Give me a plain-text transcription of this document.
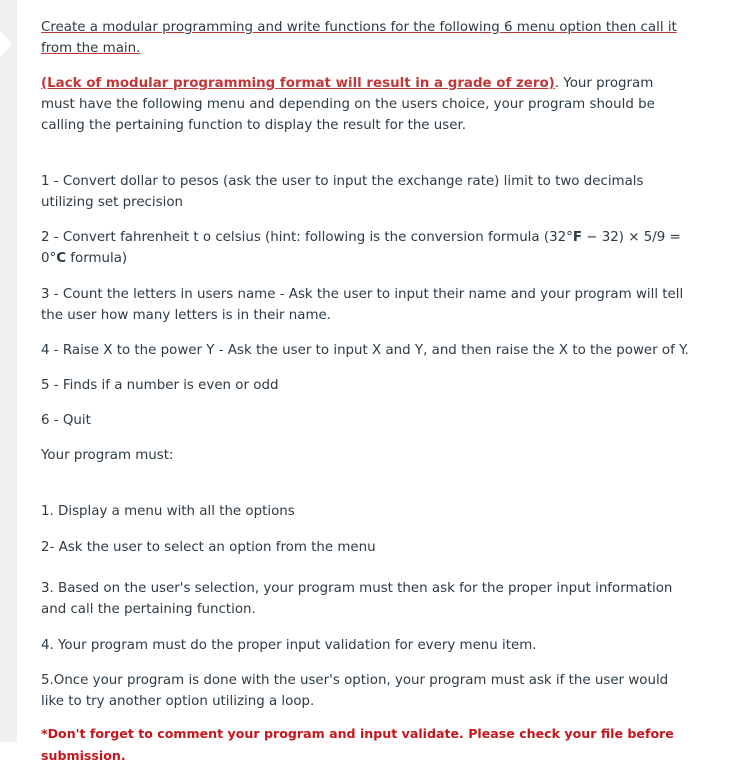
Create a modular programming and write functions for the following 6 menu option then call it from the main.

(Lack of modular programming format will result in a grade of zero). Your program must have the following menu and depending on the users choice, your program should be calling the pertaining function to display the result for the user.

1 - Convert dollar to pesos (ask the user to input the exchange rate) limit to two decimals utilizing set precision

2 - Convert fahrenheit t o celsius (hint: following is the conversion formula (32°F − 32) × 5/9 = 0°C formula)

3 - Count the letters in users name - Ask the user to input their name and your program will tell the user how many letters is in their name.

4 - Raise X to the power Y - Ask the user to input X and Y, and then raise the X to the power of Y.

5 - Finds if a number is even or odd

6 - Quit

Your program must:

1. Display a menu with all the options

2- Ask the user to select an option from the menu

3. Based on the user's selection, your program must then ask for the proper input information and call the pertaining function.

4. Your program must do the proper input validation for every menu item.

5.Once your program is done with the user's option, your program must ask if the user would like to try another option utilizing a loop.

*Don't forget to comment your program and input validate. Please check your file before submission.
